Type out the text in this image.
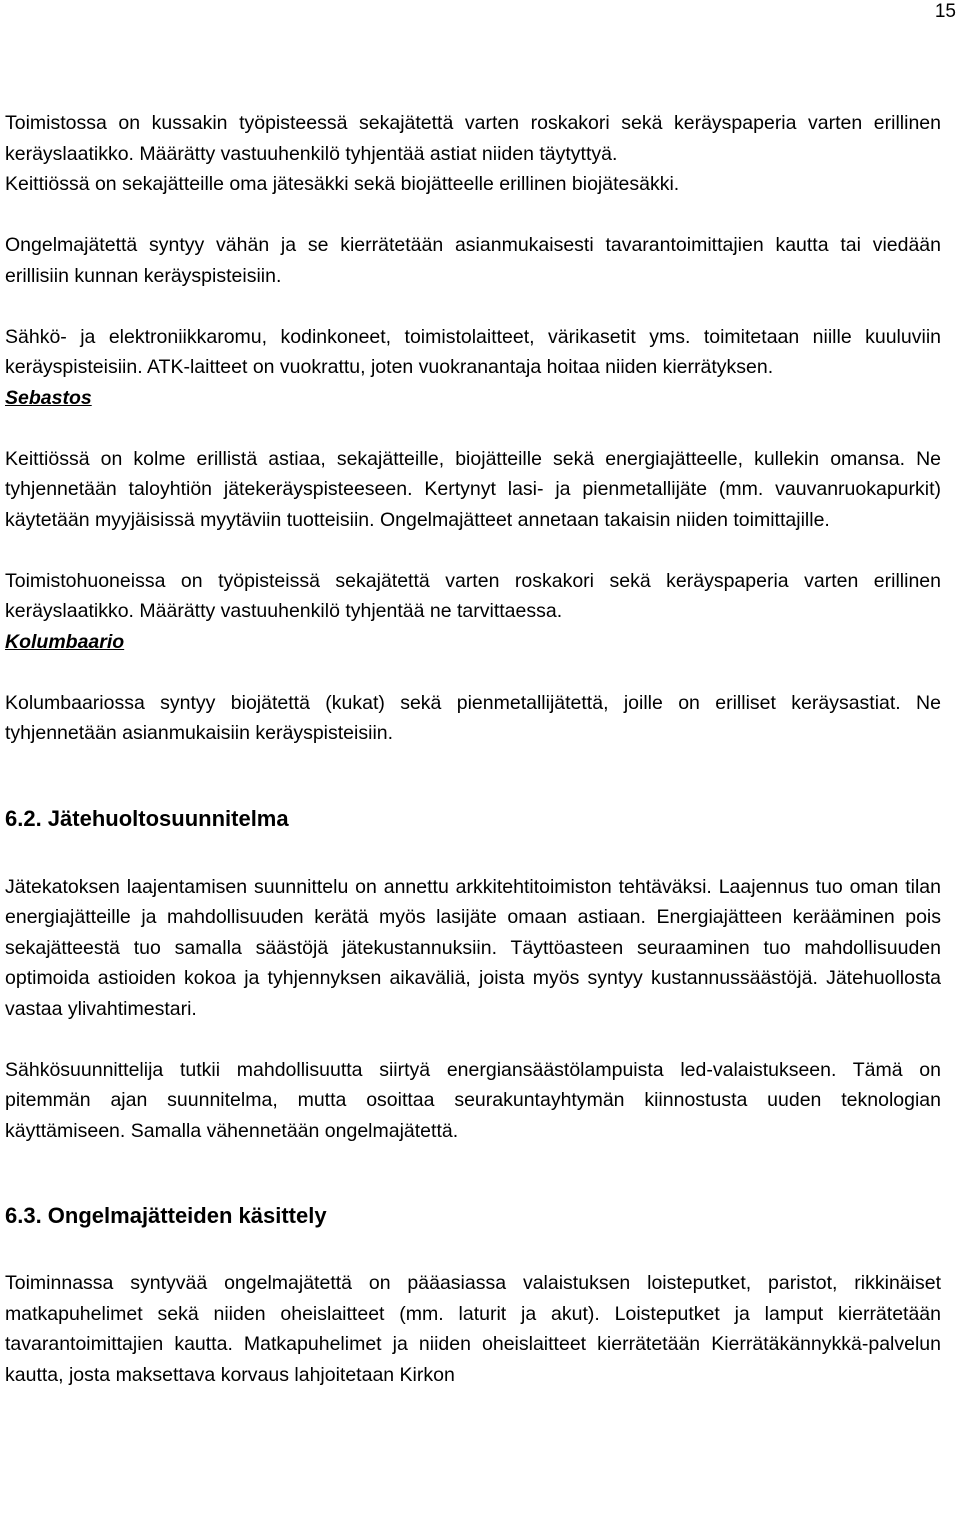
15

Toimistossa on kussakin työpisteessä sekajätettä varten roskakori sekä keräyspaperia varten erillinen keräyslaatikko. Määrätty vastuuhenkilö tyhjentää astiat niiden täytyttyä.

Keittiössä on sekajätteille oma jätesäkki sekä biojätteelle erillinen biojätesäkki.

Ongelmajätettä syntyy vähän ja se kierrätetään asianmukaisesti tavarantoimittajien kautta tai viedään erillisiin kunnan keräyspisteisiin.

Sähkö- ja elektroniikkaromu, kodinkoneet, toimistolaitteet, värikasetit yms. toimitetaan niille kuuluviin keräyspisteisiin. ATK-laitteet on vuokrattu, joten vuokranantaja hoitaa niiden kierrätyksen.

Sebastos

Keittiössä on kolme erillistä astiaa, sekajätteille, biojätteille sekä energiajätteelle, kullekin omansa. Ne tyhjennetään taloyhtiön jätekeräyspisteeseen. Kertynyt lasi- ja pienmetallijäte (mm. vauvanruokapurkit) käytetään myyjäisissä myytäviin tuotteisiin. Ongelmajätteet annetaan takaisin niiden toimittajille.

Toimistohuoneissa on työpisteissä sekajätettä varten roskakori sekä keräyspaperia varten erillinen keräyslaatikko. Määrätty vastuuhenkilö tyhjentää ne tarvittaessa.

Kolumbaario

Kolumbaariossa syntyy biojätettä (kukat) sekä pienmetallijätettä, joille on erilliset keräysastiat. Ne tyhjennetään asianmukaisiin keräyspisteisiin.

6.2. Jätehuoltosuunnitelma

Jätekatoksen laajentamisen suunnittelu on annettu arkkitehtitoimiston tehtäväksi. Laajennus tuo oman tilan energiajätteille ja mahdollisuuden kerätä myös lasijäte omaan astiaan. Energiajätteen kerääminen pois sekajätteestä tuo samalla säästöjä jätekustannuksiin. Täyttöasteen seuraaminen tuo mahdollisuuden optimoida astioiden kokoa ja tyhjennyksen aikaväliä, joista myös syntyy kustannussäästöjä. Jätehuollosta vastaa ylivahtimestari.

Sähkösuunnittelija tutkii mahdollisuutta siirtyä energiansäästölampuista led-valaistukseen. Tämä on pitemmän ajan suunnitelma, mutta osoittaa seurakuntayhtymän kiinnostusta uuden teknologian käyttämiseen. Samalla vähennetään ongelmajätettä.

6.3. Ongelmajätteiden käsittely

Toiminnassa syntyvää ongelmajätettä on pääasiassa valaistuksen loisteputket, paristot, rikkinäiset matkapuhelimet sekä niiden oheislaitteet (mm. laturit ja akut). Loisteputket ja lamput kierrätetään tavarantoimittajien kautta. Matkapuhelimet ja niiden oheislaitteet kierrätetään Kierrätäkännykkä-palvelun kautta, josta maksettava korvaus lahjoitetaan Kirkon
